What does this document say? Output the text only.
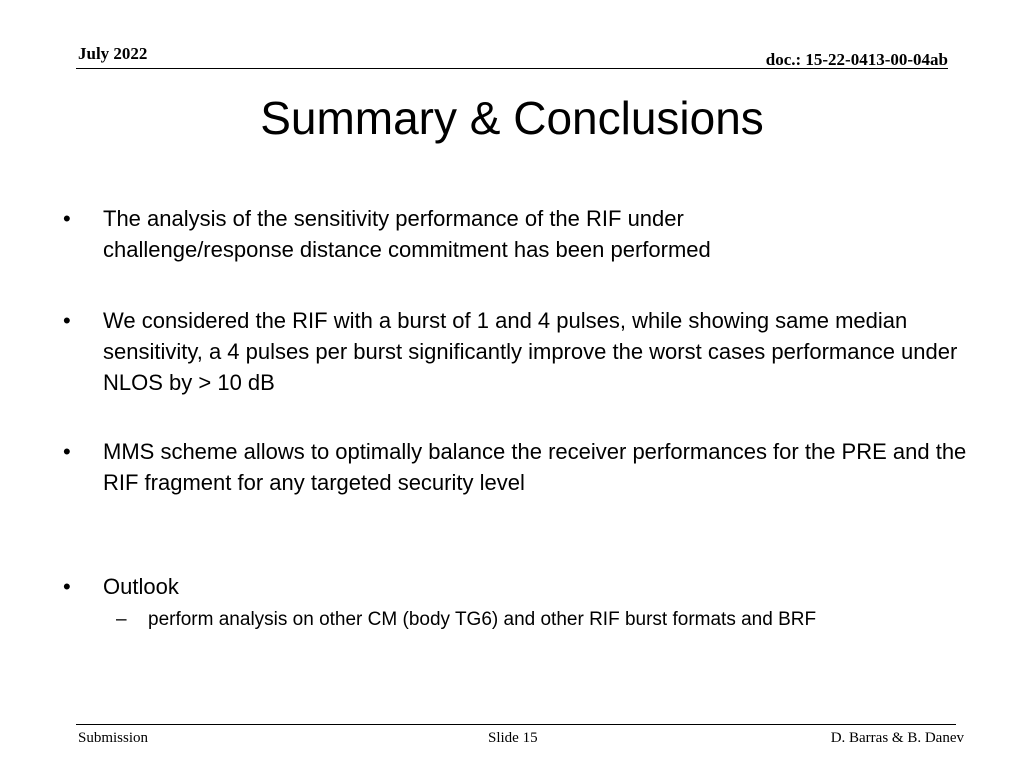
July 2022	doc.: 15-22-0413-00-04ab
Summary & Conclusions
• The analysis of the sensitivity performance of the RIF under challenge/response distance commitment has been performed
• We considered the RIF with a burst of 1 and 4 pulses, while showing same median sensitivity, a 4 pulses per burst significantly improve the worst cases performance under NLOS by > 10 dB
• MMS scheme allows to optimally balance the receiver performances for the PRE and the RIF fragment for any targeted security level
• Outlook
– perform analysis on other CM (body TG6) and other RIF burst formats and BRF
Submission	Slide 15	D. Barras & B. Danev
